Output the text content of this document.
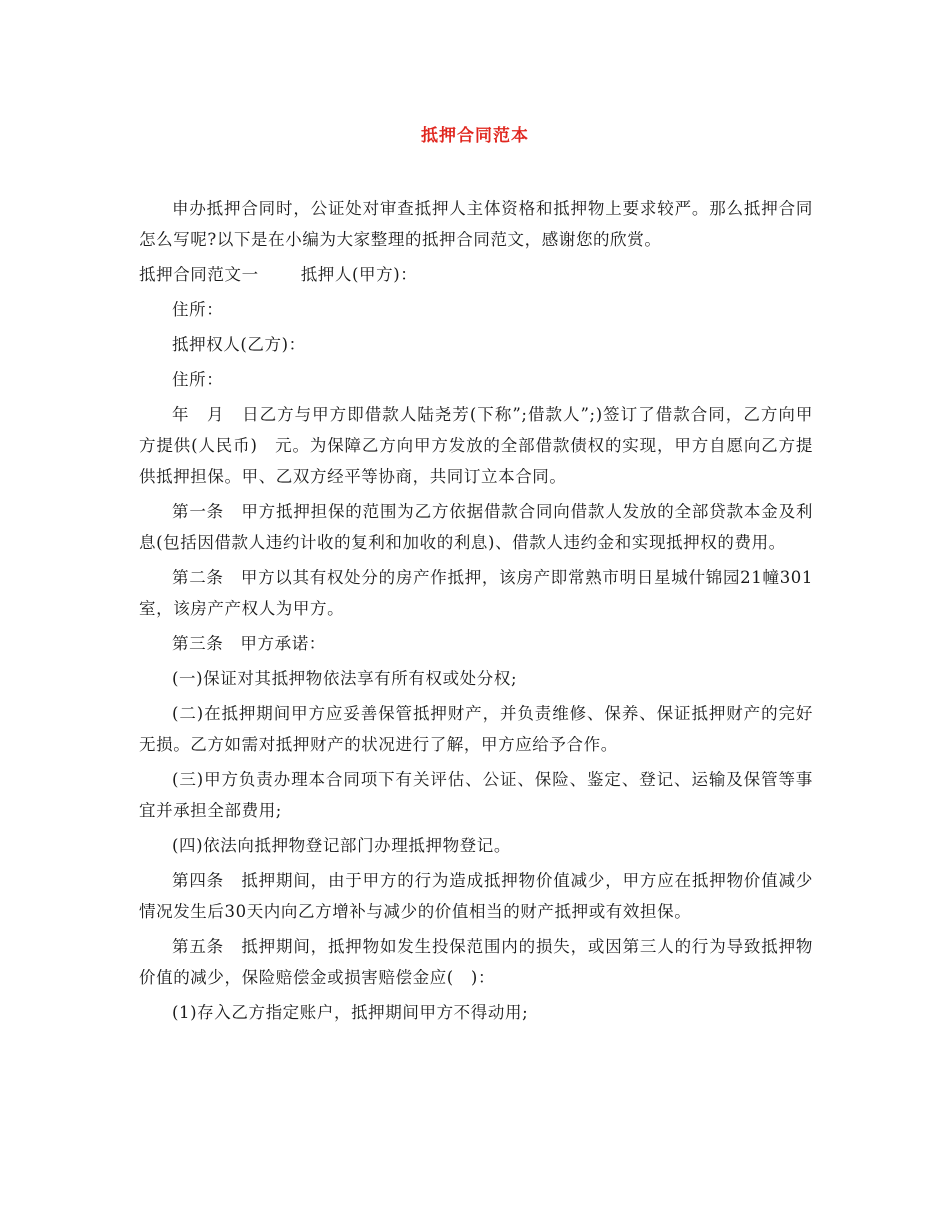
抵押合同范本

申办抵押合同时，公证处对审查抵押人主体资格和抵押物上要求较严。那么抵押合同怎么写呢?以下是在小编为大家整理的抵押合同范文，感谢您的欣赏。

抵押合同范文一	抵押人(甲方)：

住所：

抵押权人(乙方)：

住所：

年　月　日乙方与甲方即借款人陆尧芳(下称”;借款人”;)签订了借款合同，乙方向甲方提供(人民币)　元。为保障乙方向甲方发放的全部借款债权的实现，甲方自愿向乙方提供抵押担保。甲、乙双方经平等协商，共同订立本合同。

第一条　甲方抵押担保的范围为乙方依据借款合同向借款人发放的全部贷款本金及利息(包括因借款人违约计收的复利和加收的利息)、借款人违约金和实现抵押权的费用。

第二条　甲方以其有权处分的房产作抵押，该房产即常熟市明日星城什锦园21幢301室，该房产产权人为甲方。

第三条　甲方承诺：

(一)保证对其抵押物依法享有所有权或处分权;

(二)在抵押期间甲方应妥善保管抵押财产，并负责维修、保养、保证抵押财产的完好无损。乙方如需对抵押财产的状况进行了解，甲方应给予合作。

(三)甲方负责办理本合同项下有关评估、公证、保险、鉴定、登记、运输及保管等事宜并承担全部费用;

(四)依法向抵押物登记部门办理抵押物登记。

第四条　抵押期间，由于甲方的行为造成抵押物价值减少，甲方应在抵押物价值减少情况发生后30天内向乙方增补与减少的价值相当的财产抵押或有效担保。

第五条　抵押期间，抵押物如发生投保范围内的损失，或因第三人的行为导致抵押物价值的减少，保险赔偿金或损害赔偿金应(　)：

(1)存入乙方指定账户，抵押期间甲方不得动用;
